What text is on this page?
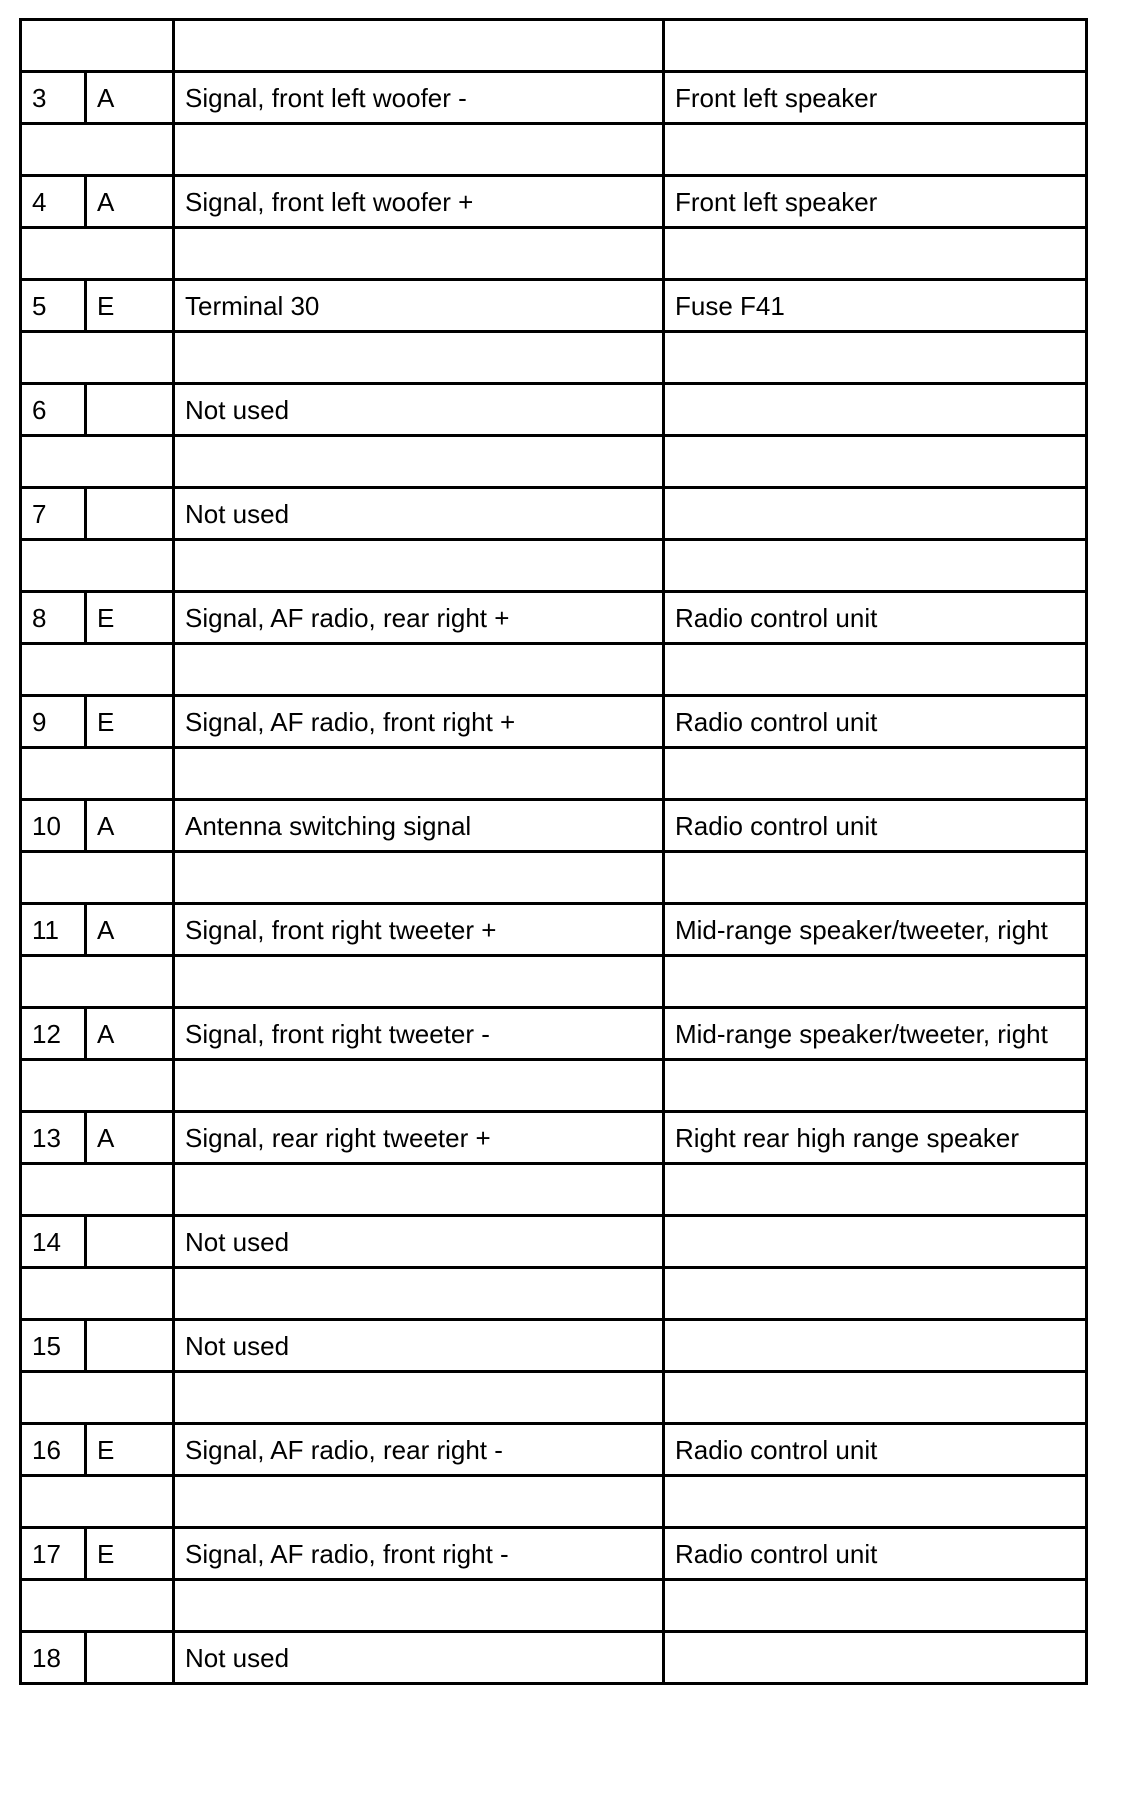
3	A	Signal, front left woofer -	Front left speaker

4	A	Signal, front left woofer +	Front left speaker

5	E	Terminal 30	Fuse F41

6		Not used	

7		Not used	

8	E	Signal, AF radio, rear right +	Radio control unit

9	E	Signal, AF radio, front right +	Radio control unit

10	A	Antenna switching signal	Radio control unit

11	A	Signal, front right tweeter +	Mid-range speaker/tweeter, right

12	A	Signal, front right tweeter -	Mid-range speaker/tweeter, right

13	A	Signal, rear right tweeter +	Right rear high range speaker

14		Not used	

15		Not used	

16	E	Signal, AF radio, rear right -	Radio control unit

17	E	Signal, AF radio, front right -	Radio control unit

18		Not used	
